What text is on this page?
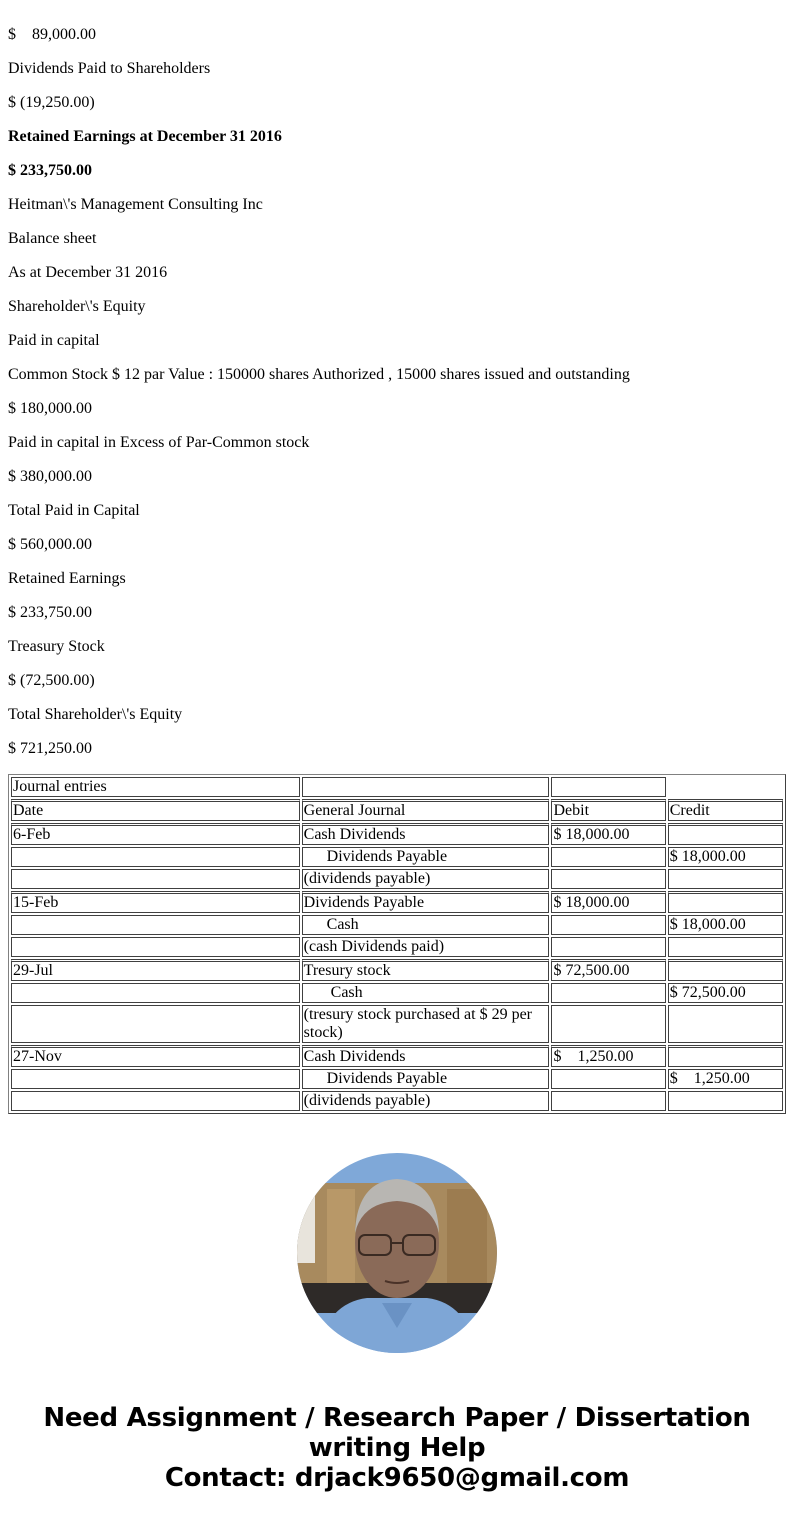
$    89,000.00

Dividends Paid to Shareholders

$ (19,250.00)

Retained Earnings at December 31 2016

$ 233,750.00

Heitman\'s Management Consulting Inc

Balance sheet

As at December 31 2016

Shareholder\'s Equity

Paid in capital

Common Stock $ 12 par Value : 150000 shares Authorized , 15000 shares issued and outstanding

$ 180,000.00

Paid in capital in Excess of Par-Common stock

$ 380,000.00

Total Paid in Capital

$ 560,000.00

Retained Earnings

$ 233,750.00

Treasury Stock

$ (72,500.00)

Total Shareholder\'s Equity

$ 721,250.00

Journal entries			
Date	General Journal	Debit	Credit
6-Feb	Cash Dividends	$ 18,000.00	
	Dividends Payable		$ 18,000.00
	(dividends payable)		
15-Feb	Dividends Payable	$ 18,000.00	
	Cash		$ 18,000.00
	(cash Dividends paid)		
29-Jul	Tresury stock	$ 72,500.00	
	Cash		$ 72,500.00
	(tresury stock purchased at $ 29 per stock)		
27-Nov	Cash Dividends	$    1,250.00	
	Dividends Payable		$    1,250.00
	(dividends payable)		
Need Assignment / Research Paper / Dissertation
writing Help
Contact: drjack9650@gmail.com
